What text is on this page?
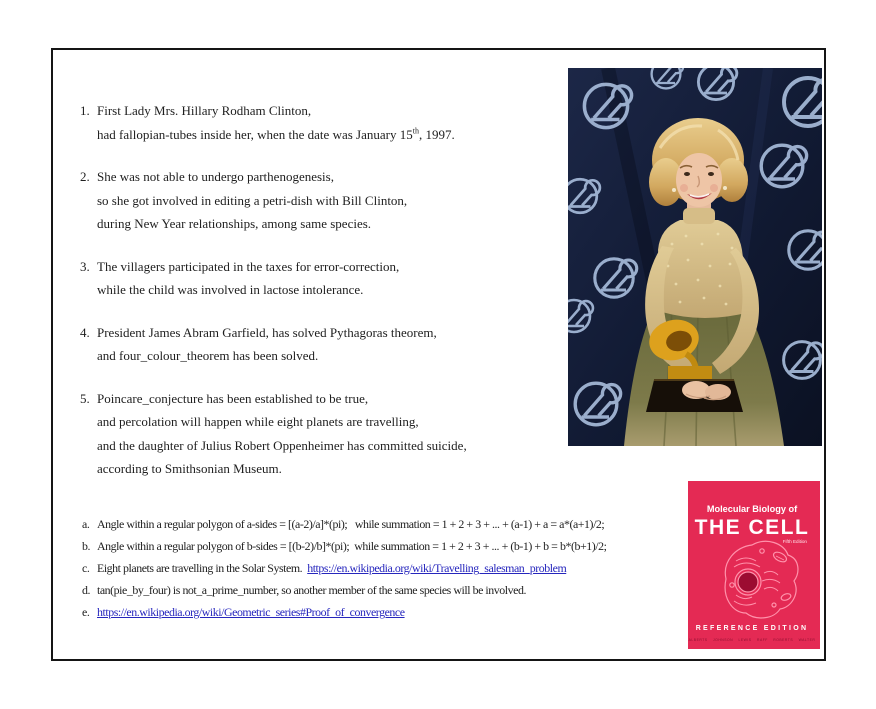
1. First Lady Mrs. Hillary Rodham Clinton,
had fallopian-tubes inside her, when the date was January 15th, 1997.
2. She was not able to undergo parthenogenesis,
so she got involved in editing a petri-dish with Bill Clinton,
during New Year relationships, among same species.
3. The villagers participated in the taxes for error-correction,
while the child was involved in lactose intolerance.
4. President James Abram Garfield, has solved Pythagoras theorem,
and four_colour_theorem has been solved.
5. Poincare_conjecture has been established to be true,
and percolation will happen while eight planets are travelling,
and the daughter of Julius Robert Oppenheimer has committed suicide,
according to Smithsonian Museum.
a. Angle within a regular polygon of a-sides = [(a-2)/a]*(pi);   while summation = 1 + 2 + 3 + ... + (a-1) + a = a*(a+1)/2;
b. Angle within a regular polygon of b-sides = [(b-2)/b]*(pi);  while summation = 1 + 2 + 3 + ... + (b-1) + b = b*(b+1)/2;
c. Eight planets are travelling in the Solar System.  https://en.wikipedia.org/wiki/Travelling_salesman_problem
d. tan(pie_by_four) is not_a_prime_number, so another member of the same species will be involved.
e. https://en.wikipedia.org/wiki/Geometric_series#Proof_of_convergence
Molecular Biology of
THE CELL
Fifth Edition
REFERENCE EDITION
ALBERTS JOHNSON LEWIS RAFF ROBERTS WALTER
